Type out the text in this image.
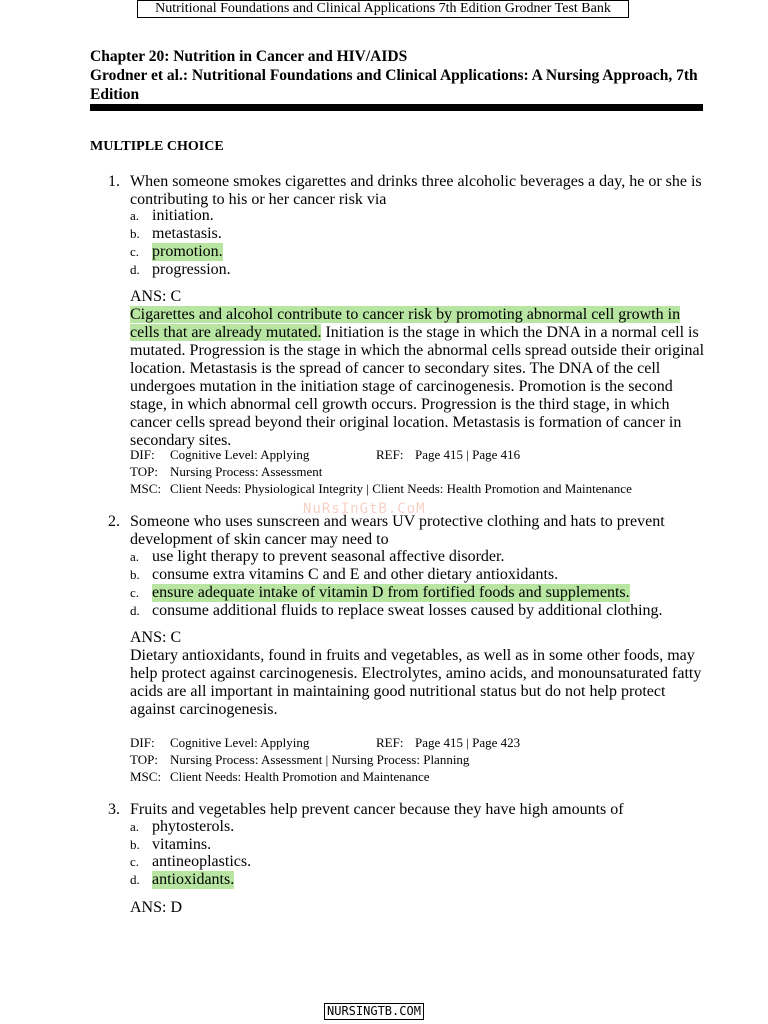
Nutritional Foundations and Clinical Applications 7th Edition Grodner Test Bank
Chapter 20: Nutrition in Cancer and HIV/AIDS
Grodner et al.: Nutritional Foundations and Clinical Applications: A Nursing Approach, 7th Edition
MULTIPLE CHOICE
1. When someone smokes cigarettes and drinks three alcoholic beverages a day, he or she is contributing to his or her cancer risk via
a. initiation.
b. metastasis.
c. promotion.
d. progression.
ANS: C
Cigarettes and alcohol contribute to cancer risk by promoting abnormal cell growth in cells that are already mutated. Initiation is the stage in which the DNA in a normal cell is mutated. Progression is the stage in which the abnormal cells spread outside their original location. Metastasis is the spread of cancer to secondary sites. The DNA of the cell undergoes mutation in the initiation stage of carcinogenesis. Promotion is the second stage, in which abnormal cell growth occurs. Progression is the third stage, in which cancer cells spread beyond their original location. Metastasis is formation of cancer in secondary sites.
DIF: Cognitive Level: Applying	REF: Page 415 | Page 416
TOP: Nursing Process: Assessment
MSC: Client Needs: Physiological Integrity | Client Needs: Health Promotion and Maintenance
NuRsInGtB.CoM
2. Someone who uses sunscreen and wears UV protective clothing and hats to prevent development of skin cancer may need to
a. use light therapy to prevent seasonal affective disorder.
b. consume extra vitamins C and E and other dietary antioxidants.
c. ensure adequate intake of vitamin D from fortified foods and supplements.
d. consume additional fluids to replace sweat losses caused by additional clothing.
ANS: C
Dietary antioxidants, found in fruits and vegetables, as well as in some other foods, may help protect against carcinogenesis. Electrolytes, amino acids, and monounsaturated fatty acids are all important in maintaining good nutritional status but do not help protect against carcinogenesis.
DIF: Cognitive Level: Applying	REF: Page 415 | Page 423
TOP: Nursing Process: Assessment | Nursing Process: Planning
MSC: Client Needs: Health Promotion and Maintenance
3. Fruits and vegetables help prevent cancer because they have high amounts of
a. phytosterols.
b. vitamins.
c. antineoplastics.
d. antioxidants.
ANS: D
NURSINGTB.COM
